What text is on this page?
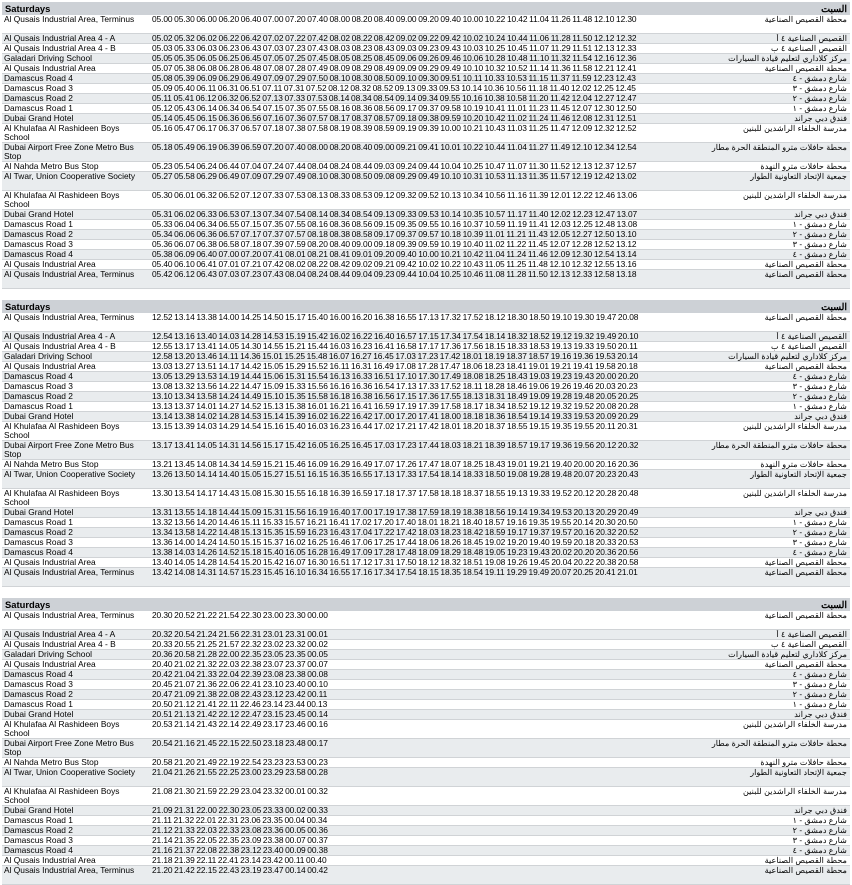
Saturdays	السبت
Al Qusais Industrial Area, Terminus	05.00 05.30 06.00 06.20 06.40 07.00 07.20 07.40 08.00 08.20 08.40 09.00 09.20 09.40 10.00 10.22 10.42 11.04 11.26 11.48 12.10 12.30	محطة القصيص الصناعية
Al Qusais Industrial Area 4 - A	05.02 05.32 06.02 06.22 06.42 07.02 07.22 07.42 08.02 08.22 08.42 09.02 09.22 09.42 10.02 10.24 10.44 11.06 11.28 11.50 12.12 12.32	القصيص الصناعية ٤ أ
Al Qusais Industrial Area 4 - B	05.03 05.33 06.03 06.23 06.43 07.03 07.23 07.43 08.03 08.23 08.43 09.03 09.23 09.43 10.03 10.25 10.45 11.07 11.29 11.51 12.13 12.33	القصيص الصناعية ٤ ب
Galadari Driving School	05.05 05.35 06.05 06.25 06.45 07.05 07.25 07.45 08.05 08.25 08.45 09.06 09.26 09.46 10.06 10.28 10.48 11.10 11.32 11.54 12.16 12.36	مركز كلاداري لتعليم قيادة السيارات
Al Qusais Industrial Area	05.07 05.38 06.08 06.28 06.48 07.08 07.28 07.49 08.09 08.29 08.49 09.09 09.29 09.49 10.10 10.32 10.52 11.14 11.36 11.58 12.21 12.41	محطة القصيص الصناعية
Damascus Road 4	05.08 05.39 06.09 06.29 06.49 07.09 07.29 07.50 08.10 08.30 08.50 09.10 09.30 09.51 10.11 10.33 10.53 11.15 11.37 11.59 12.23 12.43	شارع دمشق - ٤
Damascus Road 3	05.09 05.40 06.11 06.31 06.51 07.11 07.31 07.52 08.12 08.32 08.52 09.13 09.33 09.53 10.14 10.36 10.56 11.18 11.40 12.02 12.25 12.45	شارع دمشق - ٣
Damascus Road 2	05.11 05.41 06.12 06.32 06.52 07.13 07.33 07.53 08.14 08.34 08.54 09.14 09.34 09.55 10.16 10.38 10.58 11.20 11.42 12.04 12.27 12.47	شارع دمشق - ٢
Damascus Road 1	05.12 05.43 06.14 06.34 06.54 07.15 07.35 07.55 08.16 08.36 08.56 09.17 09.37 09.58 10.19 10.41 11.01 11.23 11.45 12.07 12.30 12.50	شارع دمشق - ١
Dubai Grand Hotel	05.14 05.45 06.15 06.36 06.56 07.16 07.36 07.57 08.17 08.37 08.57 09.18 09.38 09.59 10.20 10.42 11.02 11.24 11.46 12.08 12.31 12.51	فندق دبي جراند
Al Khulafaa Al Rashideen Boys School
05.16 05.47 06.17 06.37 06.57 07.18 07.38 07.58 08.19 08.39 08.59 09.19 09.39 10.00 10.21 10.43 11.03 11.25 11.47 12.09 12.32 12.52	مدرسة الخلفاء الراشدين للبنين
Dubai Airport Free Zone Metro Bus Stop
05.18 05.49 06.19 06.39 06.59 07.20 07.40 08.00 08.20 08.40 09.00 09.21 09.41 10.01 10.22 10.44 11.04 11.27 11.49 12.10 12.34 12.54	محطة حافلات مترو المنطقة الحرة مطار
Al Nahda Metro Bus Stop	05.23 05.54 06.24 06.44 07.04 07.24 07.44 08.04 08.24 08.44 09.03 09.24 09.44 10.04 10.25 10.47 11.07 11.30 11.52 12.13 12.37 12.57	محطة حافلات مترو النهدة
Al Twar, Union Cooperative Society	05.27 05.58 06.29 06.49 07.09 07.29 07.49 08.10 08.30 08.50 09.08 09.29 09.49 10.10 10.31 10.53 11.13 11.35 11.57 12.19 12.42 13.02	جمعية الإتحاد التعاونية الطوار
Al Khulafaa Al Rashideen Boys School
05.30 06.01 06.32 06.52 07.12 07.33 07.53 08.13 08.33 08.53 09.12 09.32 09.52 10.13 10.34 10.56 11.16 11.39 12.01 12.22 12.46 13.06	مدرسة الخلفاء الراشدين للبنين
Dubai Grand Hotel	05.31 06.02 06.33 06.53 07.13 07.34 07.54 08.14 08.34 08.54 09.13 09.33 09.53 10.14 10.35 10.57 11.17 11.40 12.02 12.23 12.47 13.07	فندق دبي جراند
Damascus Road 1	05.33 06.04 06.34 06.55 07.15 07.35 07.55 08.16 08.36 08.56 09.15 09.35 09.55 10.16 10.37 10.59 11.19 11.41 12.03 12.25 12.48 13.08	شارع دمشق - ١
Damascus Road 2	05.34 06.06 06.36 06.57 07.17 07.37 07.57 08.18 08.38 08.58 09.17 09.37 09.57 10.18 10.39 11.01 11.21 11.43 12.05 12.27 12.50 13.10	شارع دمشق - ٢
Damascus Road 3	05.36 06.07 06.38 06.58 07.18 07.39 07.59 08.20 08.40 09.00 09.18 09.39 09.59 10.19 10.40 11.02 11.22 11.45 12.07 12.28 12.52 13.12	شارع دمشق - ٣
Damascus Road 4	05.38 06.09 06.40 07.00 07.20 07.41 08.01 08.21 08.41 09.01 09.20 09.40 10.00 10.21 10.42 11.04 11.24 11.46 12.09 12.30 12.54 13.14	شارع دمشق - ٤
Al Qusais Industrial Area	05.40 06.10 06.41 07.01 07.21 07.42 08.02 08.22 08.42 09.02 09.21 09.42 10.02 10.22 10.43 11.05 11.25 11.48 12.10 12.32 12.55 13.16	محطة القصيص الصناعية
Al Qusais Industrial Area, Terminus	05.42 06.12 06.43 07.03 07.23 07.43 08.04 08.24 08.44 09.04 09.23 09.44 10.04 10.25 10.46 11.08 11.28 11.50 12.13 12.33 12.58 13.18	محطة القصيص الصناعية
Saturdays	السبت
Al Qusais Industrial Area, Terminus	12.52 13.14 13.38 14.00 14.25 14.50 15.17 15.40 16.00 16.20 16.38 16.55 17.13 17.32 17.52 18.12 18.30 18.50 19.10 19.30 19.47 20.08	محطة القصيص الصناعية
Al Qusais Industrial Area 4 - A	12.54 13.16 13.40 14.03 14.28 14.53 15.19 15.42 16.02 16.22 16.40 16.57 17.15 17.34 17.54 18.14 18.32 18.52 19.12 19.32 19.49 20.10	القصيص الصناعية ٤ أ
Al Qusais Industrial Area 4 - B	12.55 13.17 13.41 14.05 14.30 14.55 15.21 15.44 16.03 16.23 16.41 16.58 17.17 17.36 17.56 18.15 18.33 18.53 19.13 19.33 19.50 20.11	القصيص الصناعية ٤ ب
Galadari Driving School	12.58 13.20 13.46 14.11 14.36 15.01 15.25 15.48 16.07 16.27 16.45 17.03 17.23 17.42 18.01 18.19 18.37 18.57 19.16 19.36 19.53 20.14	مركز كلاداري لتعليم قيادة السيارات
Al Qusais Industrial Area	13.03 13.27 13.51 14.17 14.42 15.05 15.29 15.52 16.11 16.31 16.49 17.08 17.28 17.47 18.06 18.23 18.41 19.01 19.21 19.41 19.58 20.18	محطة القصيص الصناعية
Damascus Road 4	13.05 13.29 13.53 14.19 14.44 15.06 15.31 15.54 16.13 16.33 16.51 17.10 17.30 17.49 18.08 18.25 18.43 19.03 19.23 19.43 20.00 20.20	شارع دمشق - ٤
Damascus Road 3	13.08 13.32 13.56 14.22 14.47 15.09 15.33 15.56 16.16 16.36 16.54 17.13 17.33 17.52 18.11 18.28 18.46 19.06 19.26 19.46 20.03 20.23	شارع دمشق - ٣
Damascus Road 2	13.10 13.34 13.58 14.24 14.49 15.10 15.35 15.58 16.18 16.38 16.56 17.15 17.36 17.55 18.13 18.31 18.49 19.09 19.28 19.48 20.05 20.25	شارع دمشق - ٢
Damascus Road 1	13.13 13.37 14.01 14.27 14.52 15.13 15.38 16.01 16.21 16.41 16.59 17.19 17.39 17.58 18.17 18.34 18.52 19.12 19.32 19.52 20.08 20.28	شارع دمشق - ١
Dubai Grand Hotel	13.14 13.38 14.02 14.28 14.53 15.14 15.39 16.02 16.22 16.42 17.00 17.20 17.41 18.00 18.18 18.36 18.54 19.14 19.33 19.53 20.09 20.29	فندق دبي جراند
Al Khulafaa Al Rashideen Boys School
13.15 13.39 14.03 14.29 14.54 15.16 15.40 16.03 16.23 16.44 17.02 17.21 17.42 18.01 18.20 18.37 18.55 19.15 19.35 19.55 20.11 20.31	مدرسة الخلفاء الراشدين للبنين
Dubai Airport Free Zone Metro Bus Stop
13.17 13.41 14.05 14.31 14.56 15.17 15.42 16.05 16.25 16.45 17.03 17.23 17.44 18.03 18.21 18.39 18.57 19.17 19.36 19.56 20.12 20.32	محطة حافلات مترو المنطقة الحرة مطار
Al Nahda Metro Bus Stop	13.21 13.45 14.08 14.34 14.59 15.21 15.46 16.09 16.29 16.49 17.07 17.26 17.47 18.07 18.25 18.43 19.01 19.21 19.40 20.00 20.16 20.36	محطة حافلات مترو النهدة
Al Twar, Union Cooperative Society	13.26 13.50 14.14 14.40 15.05 15.27 15.51 16.15 16.35 16.55 17.13 17.33 17.54 18.14 18.33 18.50 19.08 19.28 19.48 20.07 20.23 20.43	جمعية الإتحاد التعاونية الطوار
Al Khulafaa Al Rashideen Boys School
13.30 13.54 14.17 14.43 15.08 15.30 15.55 16.18 16.39 16.59 17.18 17.37 17.58 18.18 18.37 18.55 19.13 19.33 19.52 20.12 20.28 20.48	مدرسة الخلفاء الراشدين للبنين
Dubai Grand Hotel	13.31 13.55 14.18 14.44 15.09 15.31 15.56 16.19 16.40 17.00 17.19 17.38 17.59 18.19 18.38 18.56 19.14 19.34 19.53 20.13 20.29 20.49	فندق دبي جراند
Damascus Road 1	13.32 13.56 14.20 14.46 15.11 15.33 15.57 16.21 16.41 17.02 17.20 17.40 18.01 18.21 18.40 18.57 19.16 19.35 19.55 20.14 20.30 20.50	شارع دمشق - ١
Damascus Road 2	13.34 13.58 14.22 14.48 15.13 15.35 15.59 16.23 16.43 17.04 17.22 17.42 18.03 18.23 18.42 18.59 19.17 19.37 19.57 20.16 20.32 20.52	شارع دمشق - ٢
Damascus Road 3	13.36 14.00 14.24 14.50 15.15 15.37 16.02 16.25 16.46 17.06 17.25 17.44 18.06 18.26 18.45 19.02 19.20 19.40 19.59 20.18 20.33 20.53	شارع دمشق - ٣
Damascus Road 4	13.38 14.03 14.26 14.52 15.18 15.40 16.05 16.28 16.49 17.09 17.28 17.48 18.09 18.29 18.48 19.05 19.23 19.43 20.02 20.20 20.36 20.56	شارع دمشق - ٤
Al Qusais Industrial Area	13.40 14.05 14.28 14.54 15.20 15.42 16.07 16.30 16.51 17.12 17.31 17.50 18.12 18.32 18.51 19.08 19.26 19.45 20.04 20.22 20.38 20.58	محطة القصيص الصناعية
Al Qusais Industrial Area, Terminus	13.42 14.08 14.31 14.57 15.23 15.45 16.10 16.34 16.55 17.16 17.34 17.54 18.15 18.35 18.54 19.11 19.29 19.49 20.07 20.25 20.41 21.01	محطة القصيص الصناعية
Saturdays	السبت
Al Qusais Industrial Area, Terminus	20.30 20.52 21.22 21.54 22.30 23.00 23.30 00.00	محطة القصيص الصناعية
Al Qusais Industrial Area 4 - A	20.32 20.54 21.24 21.56 22.31 23.01 23.31 00.01	القصيص الصناعية ٤ أ
Al Qusais Industrial Area 4 - B	20.33 20.55 21.25 21.57 22.32 23.02 23.32 00.02	القصيص الصناعية ٤ ب
Galadari Driving School	20.36 20.58 21.28 22.00 22.35 23.05 23.35 00.05	مركز كلاداري لتعليم قيادة السيارات
Al Qusais Industrial Area	20.40 21.02 21.32 22.03 22.38 23.07 23.37 00.07	محطة القصيص الصناعية
Damascus Road 4	20.42 21.04 21.33 22.04 22.39 23.08 23.38 00.08	شارع دمشق - ٤
Damascus Road 3	20.45 21.07 21.36 22.06 22.41 23.10 23.40 00.10	شارع دمشق - ٣
Damascus Road 2	20.47 21.09 21.38 22.08 22.43 23.12 23.42 00.11	شارع دمشق - ٢
Damascus Road 1	20.50 21.12 21.41 22.11 22.46 23.14 23.44 00.13	شارع دمشق - ١
Dubai Grand Hotel	20.51 21.13 21.42 22.12 22.47 23.15 23.45 00.14	فندق دبي جراند
Al Khulafaa Al Rashideen Boys School
20.53 21.14 21.43 22.14 22.49 23.17 23.46 00.16	مدرسة الخلفاء الراشدين للبنين
Dubai Airport Free Zone Metro Bus Stop
20.54 21.16 21.45 22.15 22.50 23.18 23.48 00.17	محطة حافلات مترو المنطقة الحرة مطار
Al Nahda Metro Bus Stop	20.58 21.20 21.49 22.19 22.54 23.23 23.53 00.23	محطة حافلات مترو النهدة
Al Twar, Union Cooperative Society	21.04 21.26 21.55 22.25 23.00 23.29 23.58 00.28	جمعية الإتحاد التعاونية الطوار
Al Khulafaa Al Rashideen Boys School
21.08 21.30 21.59 22.29 23.04 23.32 00.01 00.32	مدرسة الخلفاء الراشدين للبنين
Dubai Grand Hotel	21.09 21.31 22.00 22.30 23.05 23.33 00.02 00.33	فندق دبي جراند
Damascus Road 1	21.11 21.32 22.01 22.31 23.06 23.35 00.04 00.34	شارع دمشق - ١
Damascus Road 2	21.12 21.33 22.03 22.33 23.08 23.36 00.05 00.36	شارع دمشق - ٢
Damascus Road 3	21.14 21.35 22.05 22.35 23.09 23.38 00.07 00.37	شارع دمشق - ٣
Damascus Road 4	21.16 21.37 22.08 22.38 23.12 23.40 00.09 00.38	شارع دمشق - ٤
Al Qusais Industrial Area	21.18 21.39 22.11 22.41 23.14 23.42 00.11 00.40	محطة القصيص الصناعية
Al Qusais Industrial Area, Terminus	21.20 21.42 22.15 22.43 23.19 23.47 00.14 00.42	محطة القصيص الصناعية
